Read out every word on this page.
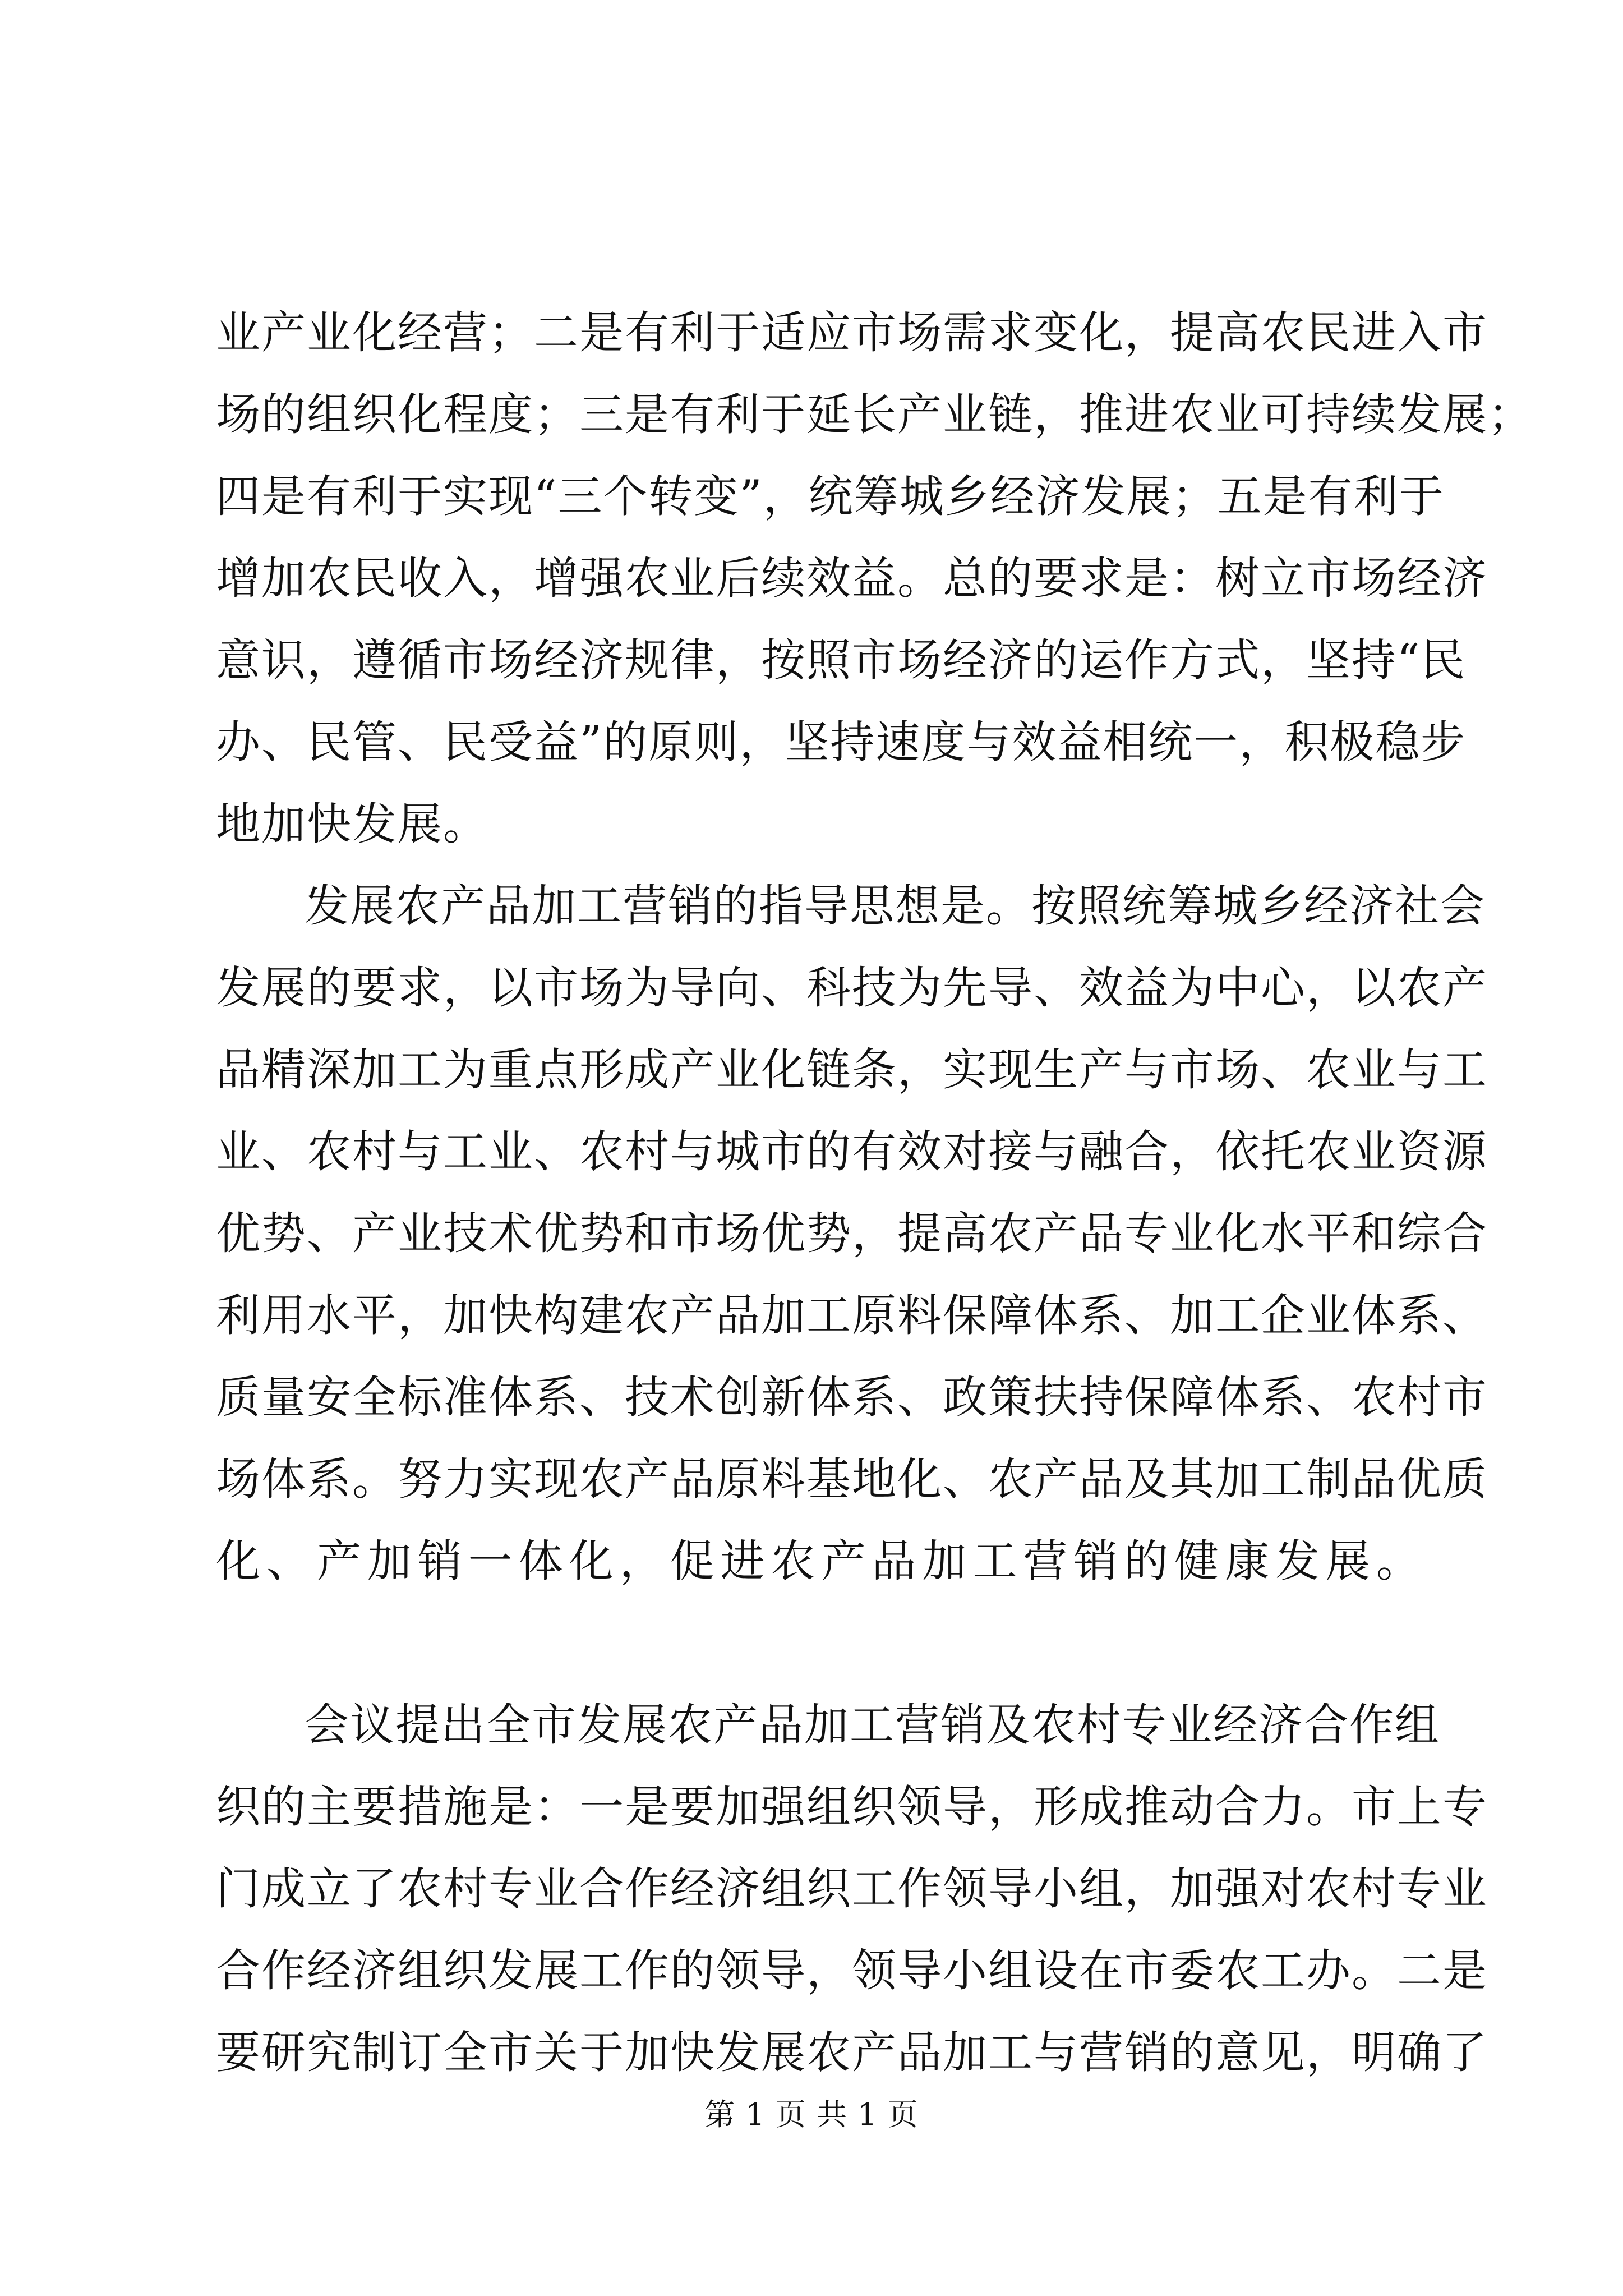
业产业化经营；二是有利于适应市场需求变化，提高农民进入市
场的组织化程度；三是有利于延长产业链，推进农业可持续发展；
四是有利于实现“三个转变”，统筹城乡经济发展；五是有利于
增加农民收入，增强农业后续效益。总的要求是：树立市场经济
意识，遵循市场经济规律，按照市场经济的运作方式，坚持“民
办、民管、民受益”的原则，坚持速度与效益相统一，积极稳步
地加快发展。
发展农产品加工营销的指导思想是。按照统筹城乡经济社会
发展的要求，以市场为导向、科技为先导、效益为中心，以农产
品精深加工为重点形成产业化链条，实现生产与市场、农业与工
业、农村与工业、农村与城市的有效对接与融合，依托农业资源
优势、产业技术优势和市场优势，提高农产品专业化水平和综合
利用水平，加快构建农产品加工原料保障体系、加工企业体系、
质量安全标准体系、技术创新体系、政策扶持保障体系、农村市
场体系。努力实现农产品原料基地化、农产品及其加工制品优质
化、产加销一体化，促进农产品加工营销的健康发展。
会议提出全市发展农产品加工营销及农村专业经济合作组
织的主要措施是：一是要加强组织领导，形成推动合力。市上专
门成立了农村专业合作经济组织工作领导小组，加强对农村专业
合作经济组织发展工作的领导，领导小组设在市委农工办。二是
要研究制订全市关于加快发展农产品加工与营销的意见，明确了
第 1 页 共 1 页
